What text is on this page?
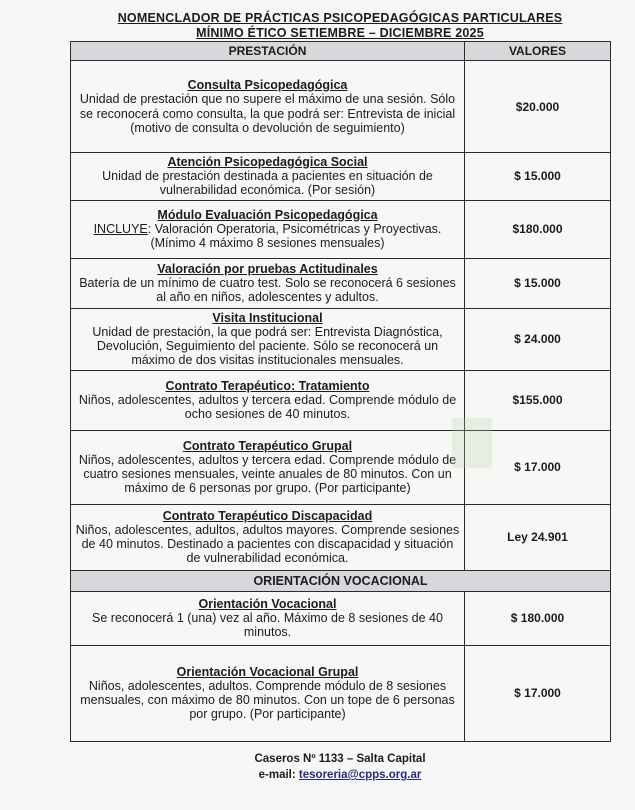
NOMENCLADOR DE PRÁCTICAS PSICOPEDAGÓGICAS PARTICULARES
MÍNIMO ÉTICO SETIEMBRE – DICIEMBRE 2025
PRESTACIÓN	VALORES

Consulta Psicopedagógica
Unidad de prestación que no supere el máximo de una sesión. Sólo se reconocerá como consulta, la que podrá ser: Entrevista de inicial (motivo de consulta o devolución de seguimiento)	$20.000

Atención Psicopedagógica Social
Unidad de prestación destinada a pacientes en situación de vulnerabilidad económica. (Por sesión)	$ 15.000

Módulo Evaluación Psicopedagógica
INCLUYE: Valoración Operatoria, Psicométricas y Proyectivas. (Mínimo 4 máximo 8 sesiones mensuales)	$180.000

Valoración por pruebas Actitudinales
Batería de un mínimo de cuatro test. Solo se reconocerá 6 sesiones al año en niños, adolescentes y adultos.	$ 15.000

Visita Institucional
Unidad de prestación, la que podrá ser: Entrevista Diagnóstica, Devolución, Seguimiento del paciente. Sólo se reconocerá un máximo de dos visitas institucionales mensuales.	$ 24.000

Contrato Terapéutico: Tratamiento
Niños, adolescentes, adultos y tercera edad. Comprende módulo de ocho sesiones de 40 minutos.	$155.000

Contrato Terapéutico Grupal
Niños, adolescentes, adultos y tercera edad. Comprende módulo de cuatro sesiones mensuales, veinte anuales de 80 minutos. Con un máximo de 6 personas por grupo. (Por participante)	$ 17.000

Contrato Terapéutico Discapacidad
Niños, adolescentes, adultos, adultos mayores. Comprende sesiones de 40 minutos. Destinado a pacientes con discapacidad y situación de vulnerabilidad económica.	Ley 24.901
ORIENTACIÓN VOCACIONAL	

Orientación Vocacional
Se reconocerá 1 (una) vez al año. Máximo de 8 sesiones de 40 minutos.	$ 180.000

Orientación Vocacional Grupal
Niños, adolescentes, adultos. Comprende módulo de 8 sesiones mensuales, con máximo de 80 minutos. Con un tope de 6 personas por grupo. (Por participante)	$ 17.000
Caseros Nº 1133 – Salta Capital
e-mail: tesoreria@cpps.org.ar
